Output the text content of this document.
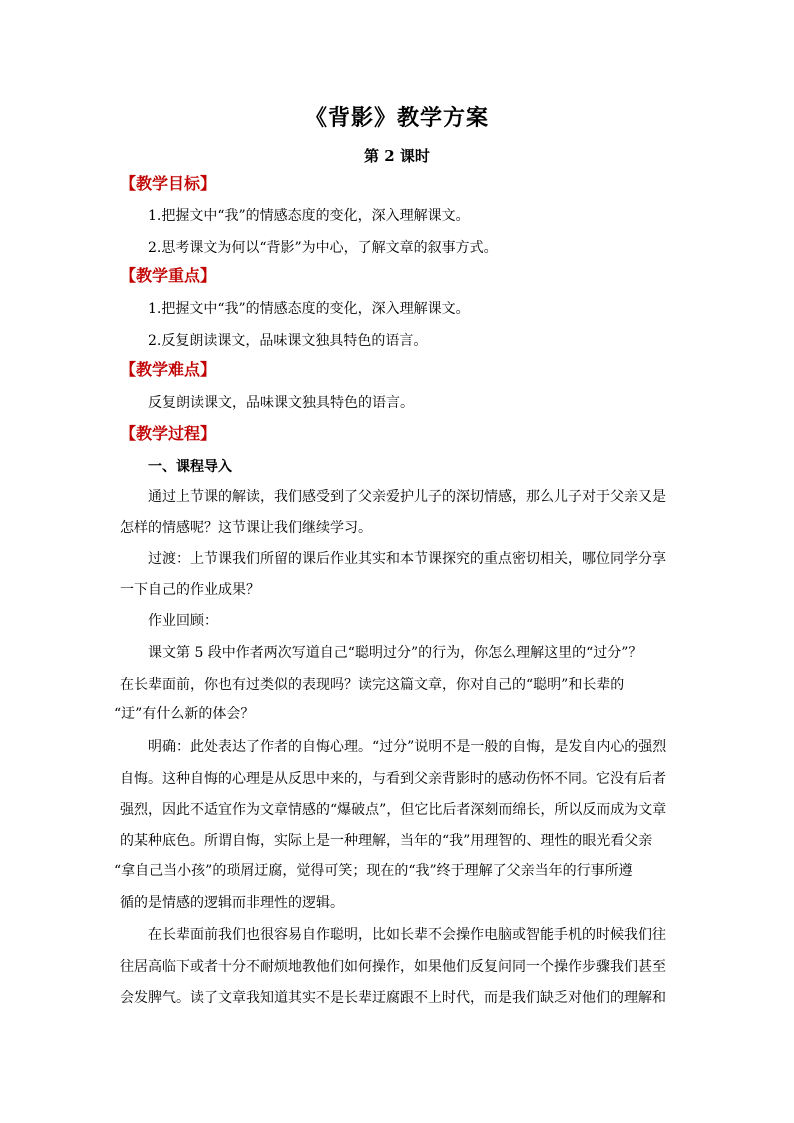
《背影》教学方案
第 2 课时
【教学目标】
1.把握文中“我”的情感态度的变化，深入理解课文。
2.思考课文为何以“背影”为中心，了解文章的叙事方式。
【教学重点】
1.把握文中“我”的情感态度的变化，深入理解课文。
2.反复朗读课文，品味课文独具特色的语言。
【教学难点】
反复朗读课文，品味课文独具特色的语言。
【教学过程】
一、课程导入
通过上节课的解读，我们感受到了父亲爱护儿子的深切情感，那么儿子对于父亲又是
怎样的情感呢？这节课让我们继续学习。
过渡：上节课我们所留的课后作业其实和本节课探究的重点密切相关，哪位同学分享
一下自己的作业成果？
作业回顾：
课文第 5 段中作者两次写道自己“聪明过分”的行为，你怎么理解这里的“过分”？
在长辈面前，你也有过类似的表现吗？读完这篇文章，你对自己的“聪明”和长辈的
“迂”有什么新的体会？
明确：此处表达了作者的自悔心理。“过分”说明不是一般的自悔，是发自内心的强烈
自悔。这种自悔的心理是从反思中来的，与看到父亲背影时的感动伤怀不同。它没有后者
强烈，因此不适宜作为文章情感的“爆破点”，但它比后者深刻而绵长，所以反而成为文章
的某种底色。所谓自悔，实际上是一种理解，当年的“我”用理智的、理性的眼光看父亲
“拿自己当小孩”的琐屑迂腐，觉得可笑；现在的“我”终于理解了父亲当年的行事所遵
循的是情感的逻辑而非理性的逻辑。
在长辈面前我们也很容易自作聪明，比如长辈不会操作电脑或智能手机的时候我们往
往居高临下或者十分不耐烦地教他们如何操作，如果他们反复问同一个操作步骤我们甚至
会发脾气。读了文章我知道其实不是长辈迂腐跟不上时代，而是我们缺乏对他们的理解和
